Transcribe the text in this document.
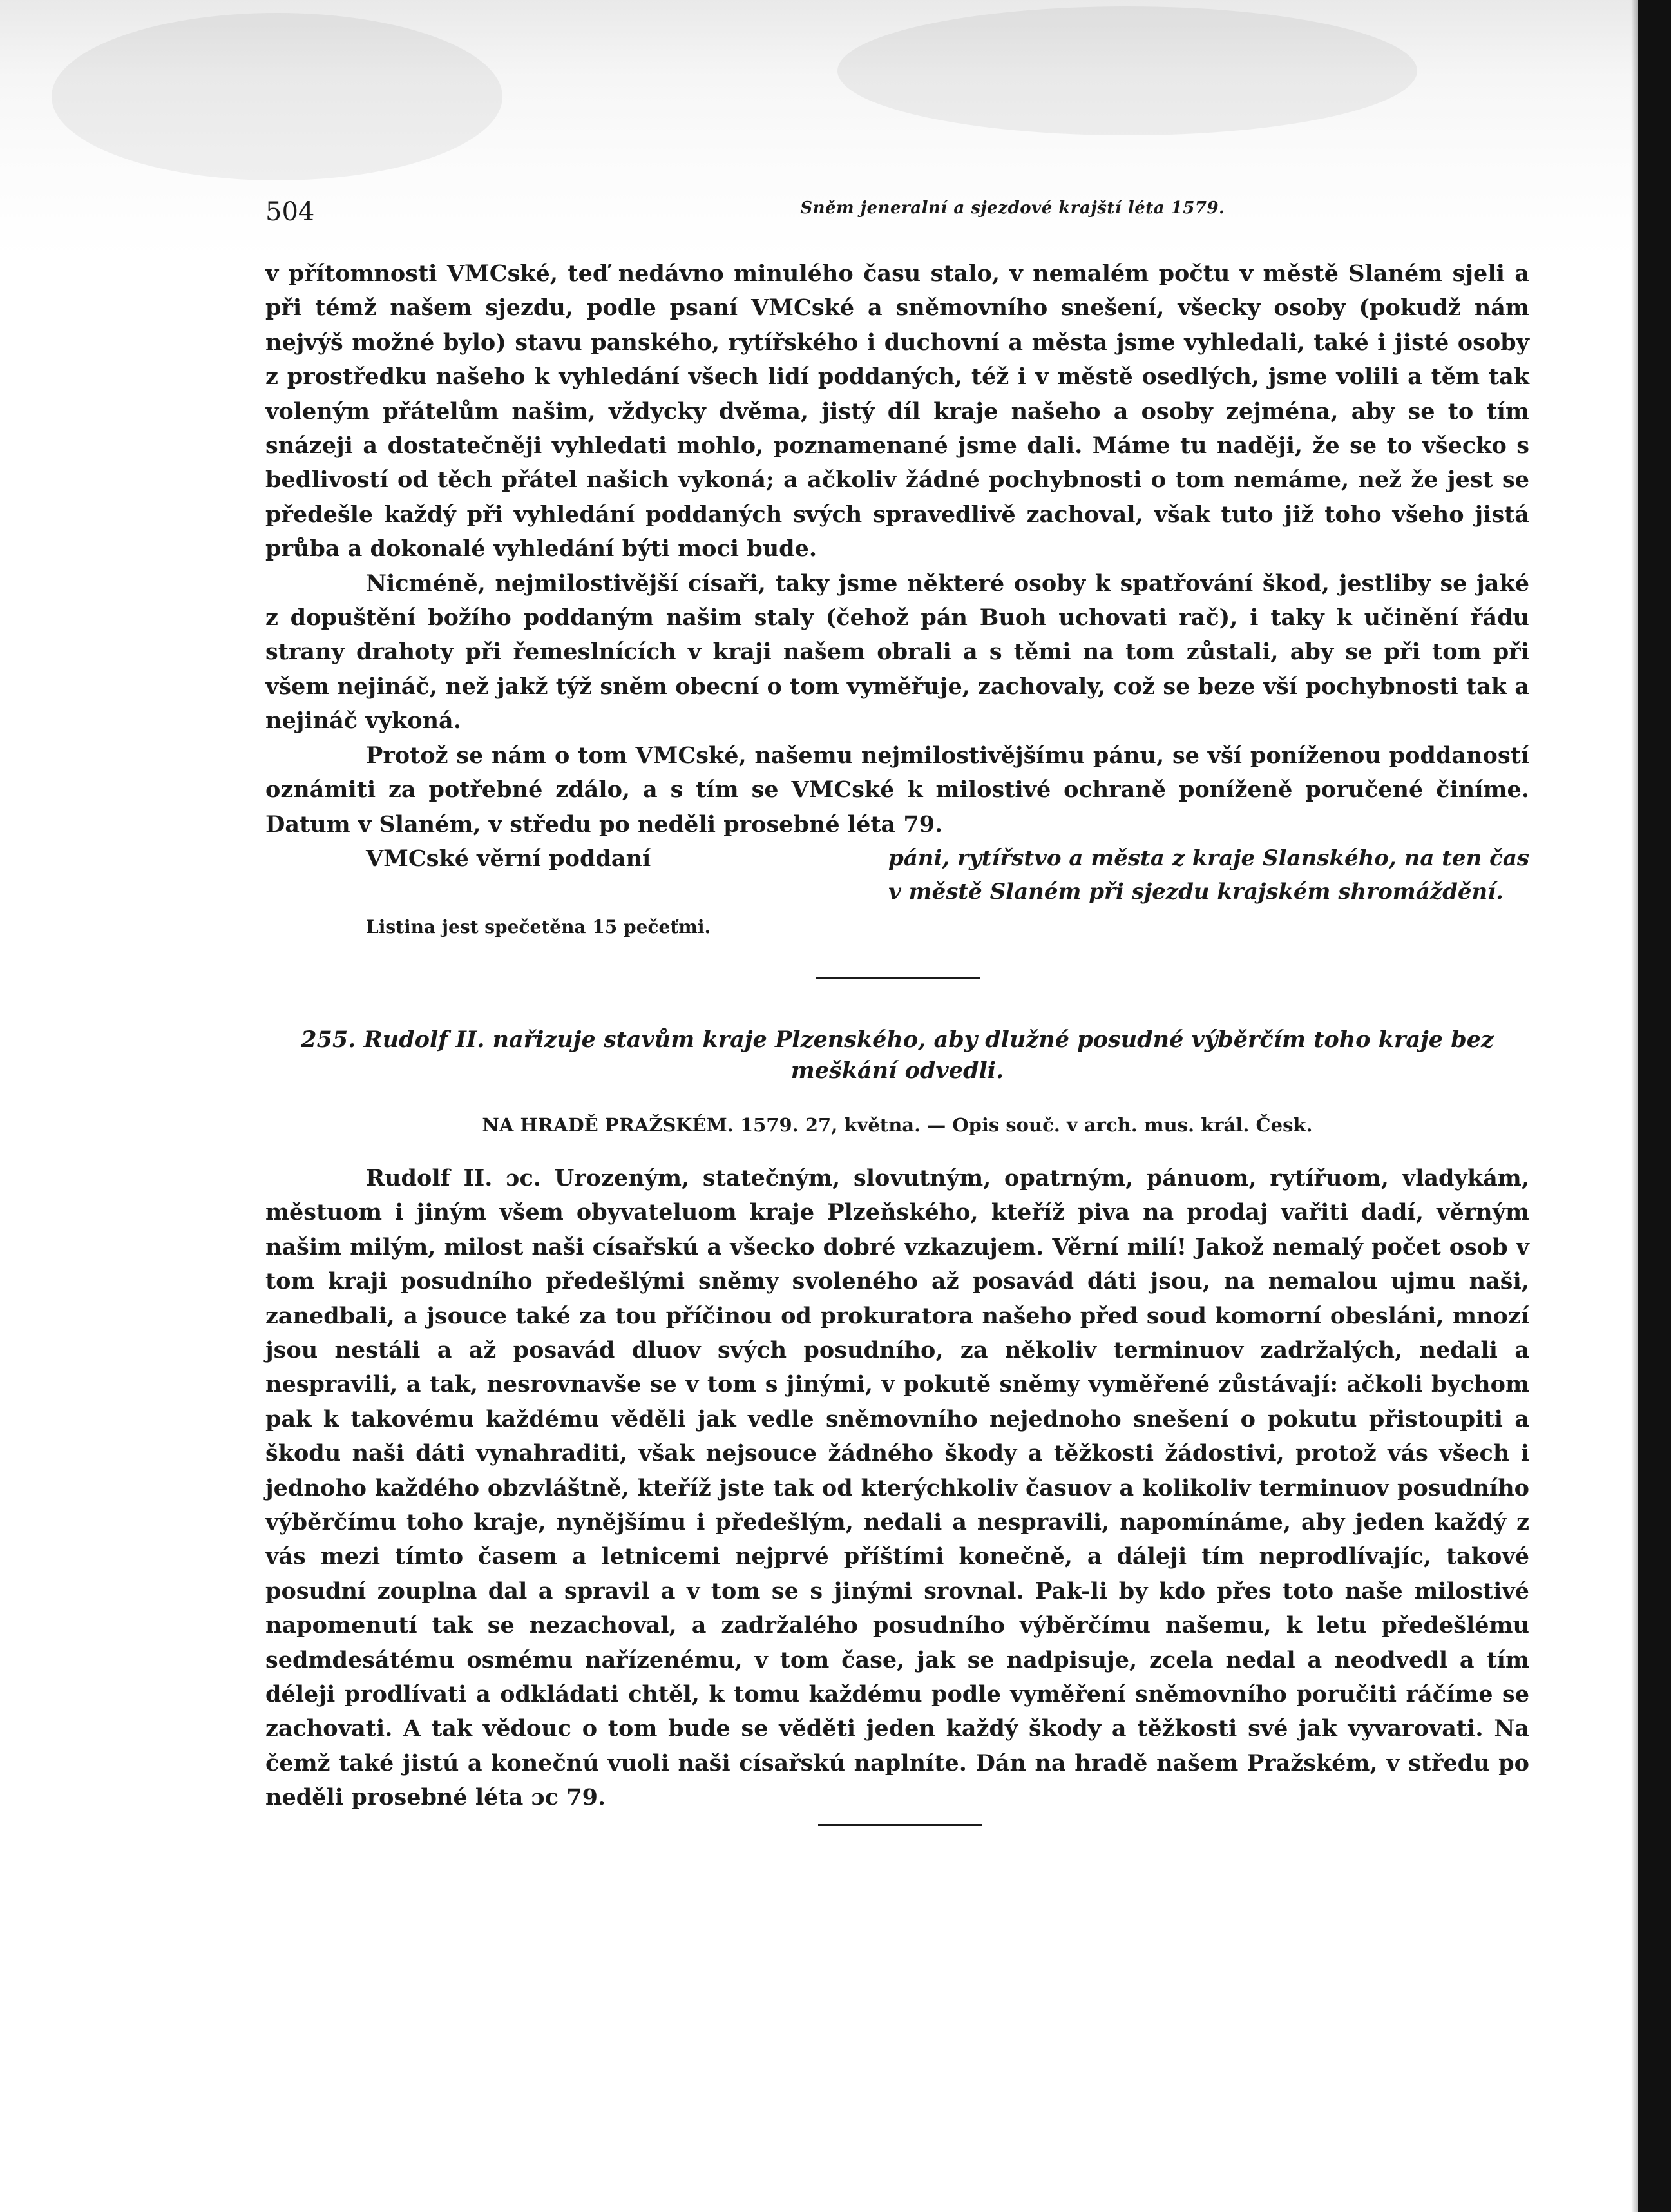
504	Sněm jeneralní a sjezdové krajští léta 1579.

v přítomnosti VMCské, teď nedávno minulého času stalo, v nemalém počtu v městě Slaném sjeli a při témž našem sjezdu, podle psaní VMCské a sněmovního snešení, všecky osoby (pokudž nám nejvýš možné bylo) stavu panského, rytířského i duchovní a města jsme vyhledali, také i jisté osoby z prostředku našeho k vyhledání všech lidí poddaných, též i v městě osedlých, jsme volili a těm tak voleným přátelům našim, vždycky dvěma, jistý díl kraje našeho a osoby zejména, aby se to tím snázeji a dostatečněji vyhledati mohlo, poznamenané jsme dali. Máme tu naději, že se to všecko s bedlivostí od těch přátel našich vykoná; a ačkoliv žádné pochybnosti o tom nemáme, než že jest se předešle každý při vyhledání poddaných svých spravedlivě zachoval, však tuto již toho všeho jistá průba a dokonalé vyhledání býti moci bude.

Nicméně, nejmilostivější císaři, taky jsme některé osoby k spatřování škod, jestliby se jaké z dopuštění božího poddaným našim staly (čehož pán Buoh uchovati rač), i taky k učinění řádu strany drahoty při řemeslnících v kraji našem obrali a s těmi na tom zůstali, aby se při tom při všem nejináč, než jakž týž sněm obecní o tom vyměřuje, zachovaly, což se beze vší pochybnosti tak a nejináč vykoná.

Protož se nám o tom VMCské, našemu nejmilostivějšímu pánu, se vší poníženou poddaností oznámiti za potřebné zdálo, a s tím se VMCské k milostivé ochraně poníženě poručené činíme. Datum v Slaném, v středu po neděli prosebné léta 79.

VMCské věrní poddaní	páni, rytířstvo a města z kraje Slanského, na ten čas
v městě Slaném při sjezdu krajském shromáždění.
Listina jest spečetěna 15 pečeťmi.
255. Rudolf II. nařizuje stavům kraje Plzenského, aby dlužné posudné výběrčím toho kraje bez meškání odvedli.
NA HRADĚ PRAŽSKÉM. 1579. 27, května. — Opis souč. v arch. mus. král. Česk.

Rudolf II. ɔc. Urozeným, statečným, slovutným, opatrným, pánuom, rytířuom, vladykám, městuom i jiným všem obyvateluom kraje Plzeňského, kteříž piva na prodaj vařiti dadí, věrným našim milým, milost naši císařskú a všecko dobré vzkazujem. Věrní milí! Jakož nemalý počet osob v tom kraji posudního předešlými sněmy svoleného až posavád dáti jsou, na nemalou ujmu naši, zanedbali, a jsouce také za tou příčinou od prokuratora našeho před soud komorní obesláni, mnozí jsou nestáli a až posavád dluov svých posudního, za několiv terminuov zadržalých, nedali a nespravili, a tak, nesrovnavše se v tom s jinými, v pokutě sněmy vyměřené zůstávají: ačkoli bychom pak k takovému každému věděli jak vedle sněmovního nejednoho snešení o pokutu přistoupiti a škodu naši dáti vynahraditi, však nejsouce žádného škody a těžkosti žádostivi, protož vás všech i jednoho každého obzvláštně, kteříž jste tak od kterýchkoliv časuov a kolikoliv terminuov posudního výběrčímu toho kraje, nynějšímu i předešlým, nedali a nespravili, napomínáme, aby jeden každý z vás mezi tímto časem a letnicemi nejprvé příštími konečně, a dáleji tím neprodlívajíc, takové posudní zouplna dal a spravil a v tom se s jinými srovnal. Pak-li by kdo přes toto naše milostivé napomenutí tak se nezachoval, a zadržalého posudního výběrčímu našemu, k letu předešlému sedmdesátému osmému nařízenému, v tom čase, jak se nadpisuje, zcela nedal a neodvedl a tím déleji prodlívati a odkládati chtěl, k tomu každému podle vyměření sněmovního poručiti ráčíme se zachovati. A tak vědouc o tom bude se věděti jeden každý škody a těžkosti své jak vyvarovati. Na čemž také jistú a konečnú vuoli naši císařskú naplníte. Dán na hradě našem Pražském, v středu po neděli prosebné léta ɔc 79.
